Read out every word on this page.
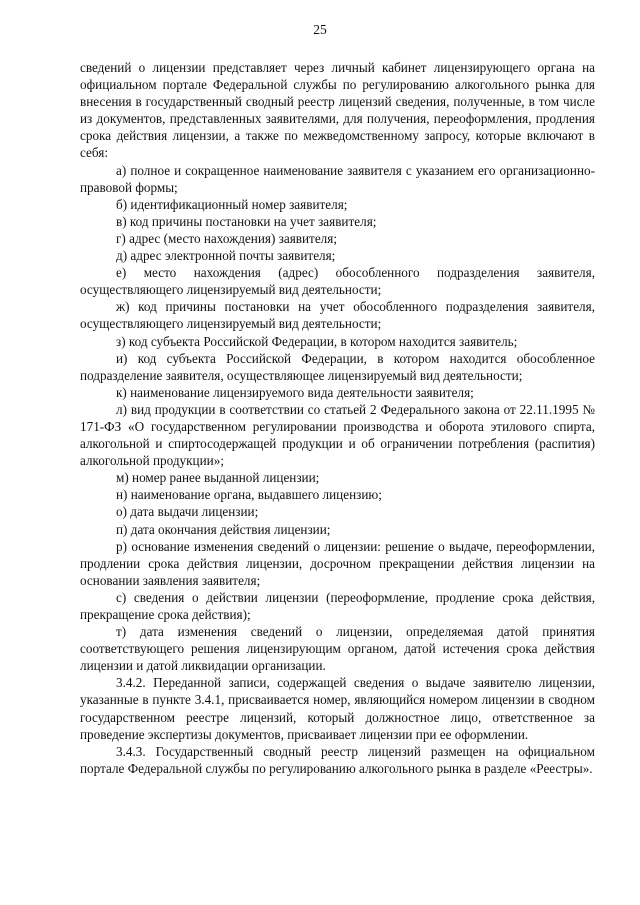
25

сведений о лицензии представляет через личный кабинет лицензирующего органа на официальном портале Федеральной службы по регулированию алкогольного рынка для внесения в государственный сводный реестр лицензий сведения, полученные, в том числе из документов, представленных заявителями, для получения, переоформления, продления срока действия лицензии, а также по межведомственному запросу, которые включают в себя:

а) полное и сокращенное наименование заявителя с указанием его организационно-правовой формы;

б) идентификационный номер заявителя;

в) код причины постановки на учет заявителя;

г) адрес (место нахождения) заявителя;

д) адрес электронной почты заявителя;

е) место нахождения (адрес) обособленного подразделения заявителя, осуществляющего лицензируемый вид деятельности;

ж) код причины постановки на учет обособленного подразделения заявителя, осуществляющего лицензируемый вид деятельности;

з) код субъекта Российской Федерации, в котором находится заявитель;

и) код субъекта Российской Федерации, в котором находится обособленное подразделение заявителя, осуществляющее лицензируемый вид деятельности;

к) наименование лицензируемого вида деятельности заявителя;

л) вид продукции в соответствии со статьей 2 Федерального закона от 22.11.1995 № 171-ФЗ «О государственном регулировании производства и оборота этилового спирта, алкогольной и спиртосодержащей продукции и об ограничении потребления (распития) алкогольной продукции»;

м) номер ранее выданной лицензии;

н) наименование органа, выдавшего лицензию;

о) дата выдачи лицензии;

п) дата окончания действия лицензии;

р) основание изменения сведений о лицензии: решение о выдаче, переоформлении, продлении срока действия лицензии, досрочном прекращении действия лицензии на основании заявления заявителя;

с) сведения о действии лицензии (переоформление, продление срока действия, прекращение срока действия);

т) дата изменения сведений о лицензии, определяемая датой принятия соответствующего решения лицензирующим органом, датой истечения срока действия лицензии и датой ликвидации организации.

3.4.2. Переданной записи, содержащей сведения о выдаче заявителю лицензии, указанные в пункте 3.4.1, присваивается номер, являющийся номером лицензии в сводном государственном реестре лицензий, который должностное лицо, ответственное за проведение экспертизы документов, присваивает лицензии при ее оформлении.

3.4.3. Государственный сводный реестр лицензий размещен на официальном портале Федеральной службы по регулированию алкогольного рынка в разделе «Реестры».
